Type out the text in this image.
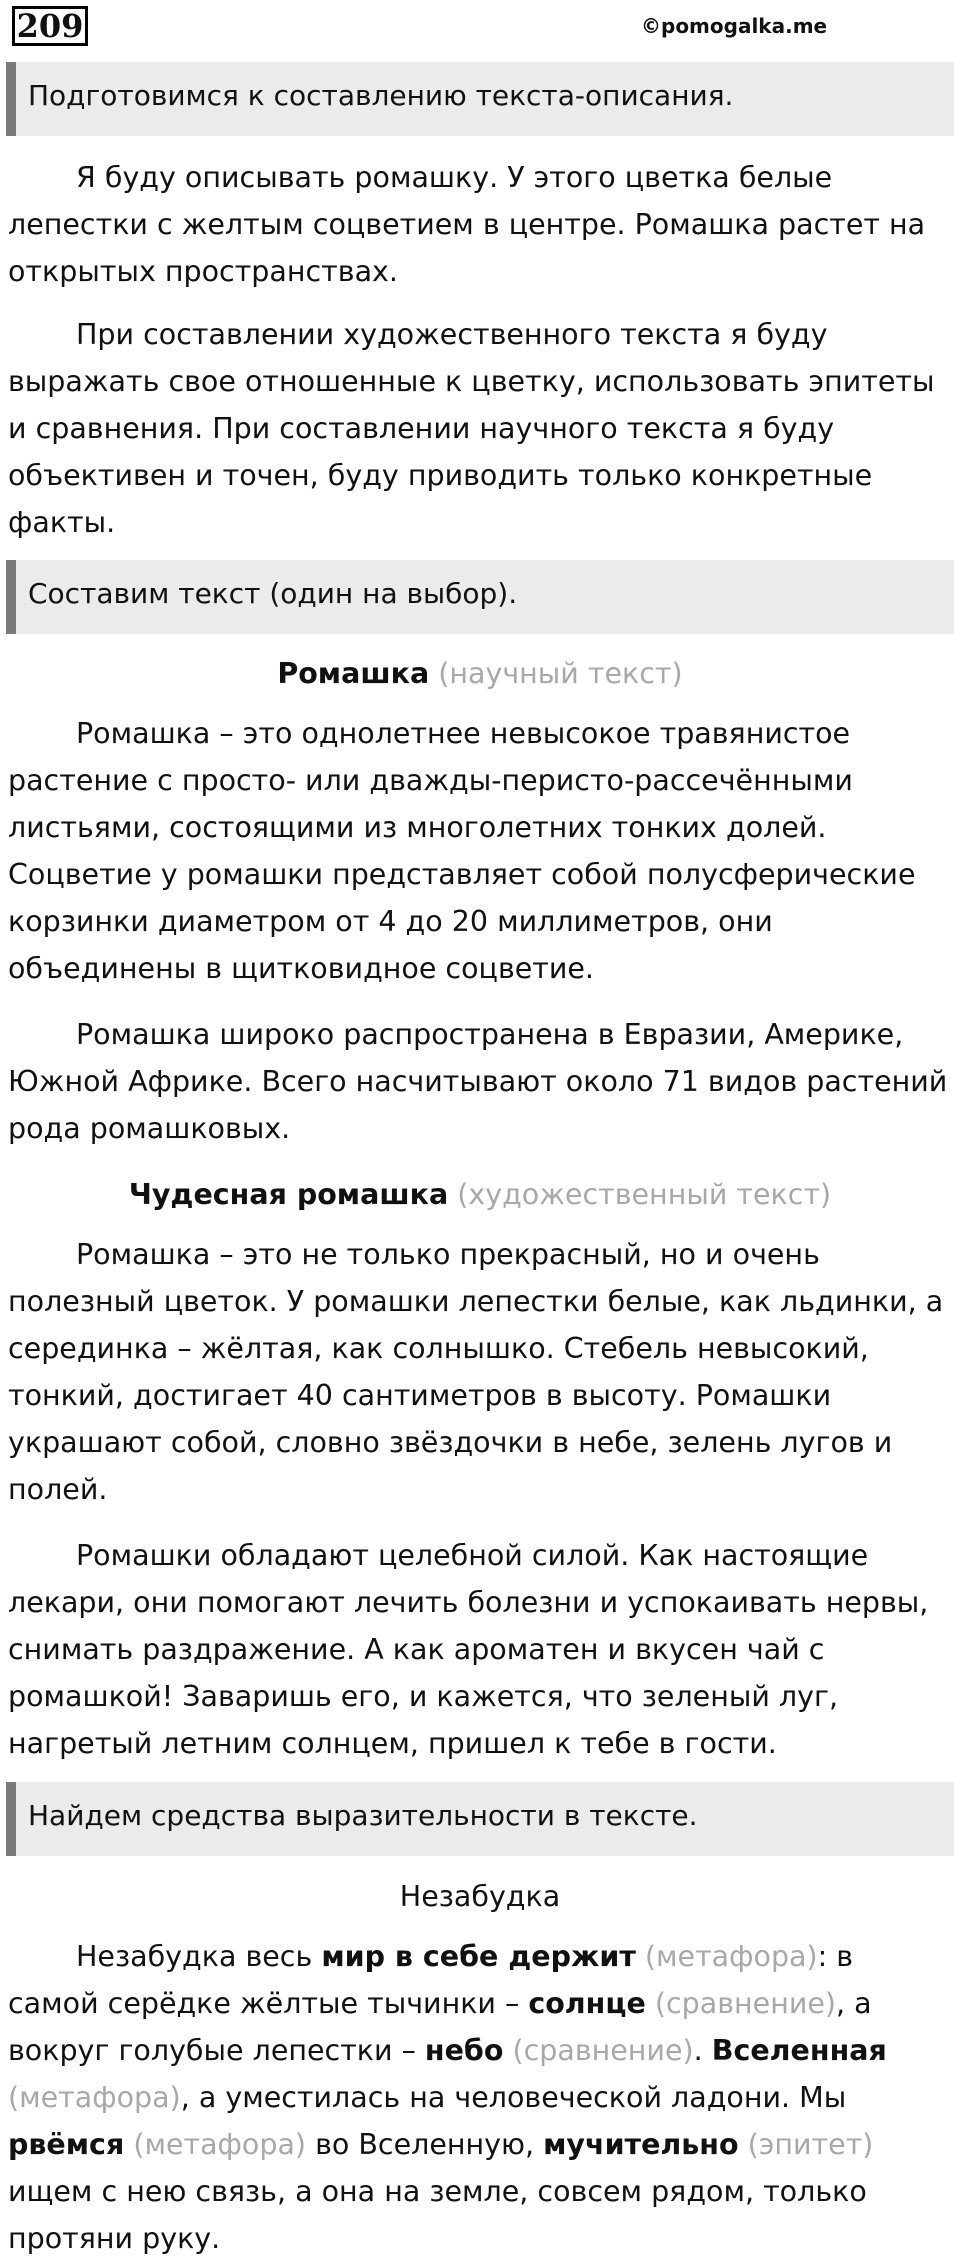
209	©pomogalka.me
Подготовимся к составлению текста-описания.

Я буду описывать ромашку. У этого цветка белые лепестки с желтым соцветием в центре. Ромашка растет на открытых пространствах.

При составлении художественного текста я буду выражать свое отношенные к цветку, использовать эпитеты и сравнения. При составлении научного текста я буду объективен и точен, буду приводить только конкретные факты.

Составим текст (один на выбор).

Ромашка (научный текст)

Ромашка – это однолетнее невысокое травянистое растение с просто- или дважды-перисто-рассечёнными листьями, состоящими из многолетних тонких долей. Соцветие у ромашки представляет собой полусферические корзинки диаметром от 4 до 20 миллиметров, они объединены в щитковидное соцветие.

Ромашка широко распространена в Евразии, Америке, Южной Африке. Всего насчитывают около 71 видов растений рода ромашковых.

Чудесная ромашка (художественный текст)

Ромашка – это не только прекрасный, но и очень полезный цветок. У ромашки лепестки белые, как льдинки, а серединка – жёлтая, как солнышко. Стебель невысокий, тонкий, достигает 40 сантиметров в высоту. Ромашки украшают собой, словно звёздочки в небе, зелень лугов и полей.

Ромашки обладают целебной силой. Как настоящие лекари, они помогают лечить болезни и успокаивать нервы, снимать раздражение. А как ароматен и вкусен чай с ромашкой! Заваришь его, и кажется, что зеленый луг, нагретый летним солнцем, пришел к тебе в гости.

Найдем средства выразительности в тексте.

Незабудка

Незабудка весь мир в себе держит (метафора): в самой серёдке жёлтые тычинки – солнце (сравнение), а вокруг голубые лепестки – небо (сравнение). Вселенная (метафора), а уместилась на человеческой ладони. Мы рвёмся (метафора) во Вселенную, мучительно (эпитет) ищем с нею связь, а она на земле, совсем рядом, только протяни руку.
